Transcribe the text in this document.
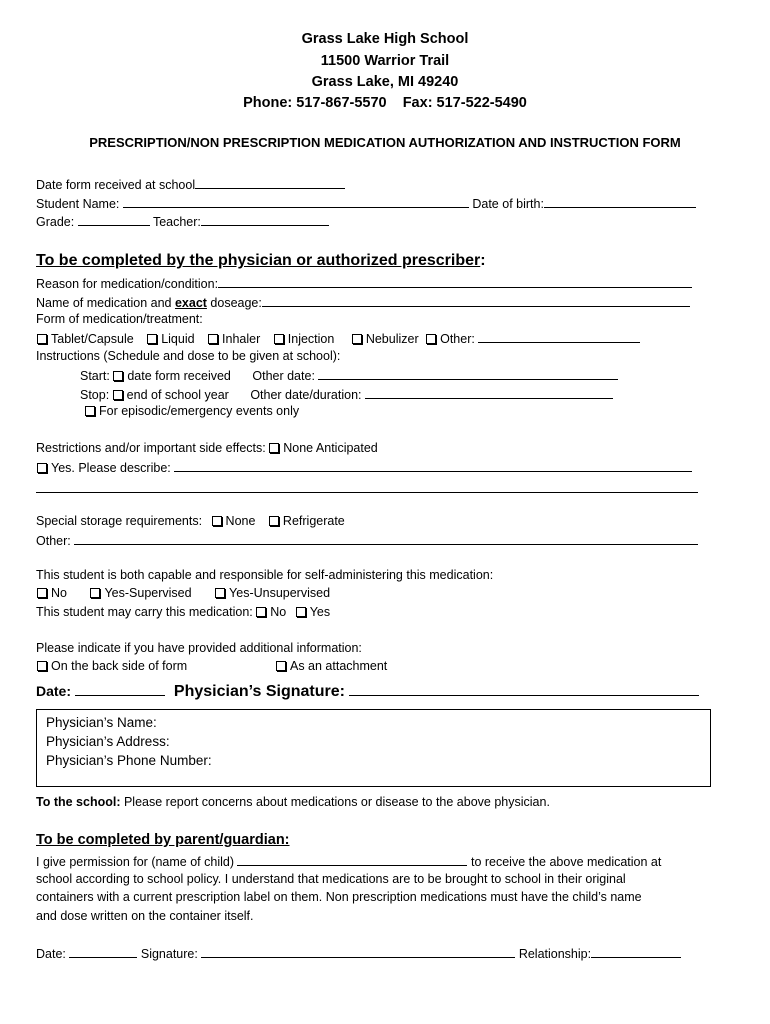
Grass Lake High School
11500 Warrior Trail
Grass Lake, MI 49240
Phone: 517-867-5570    Fax: 517-522-5490
PRESCRIPTION/NON PRESCRIPTION MEDICATION AUTHORIZATION AND INSTRUCTION FORM
Date form received at school
Student Name:	Date of birth:
Grade:	Teacher:
To be completed by the physician or authorized prescriber:
Reason for medication/condition:
Name of medication and exact doseage:
Form of medication/treatment:
Tablet/Capsule Liquid Inhaler Injection	Nebulizer Other:
Instructions (Schedule and dose to be given at school):
Start: date form received Other date:
Stop: end of school year Other date/duration:
For episodic/emergency events only
Restrictions and/or important side effects: None Anticipated
Yes. Please describe:
Special storage requirements: None Refrigerate
Other:
This student is both capable and responsible for self-administering this medication:
No	Yes-Supervised	Yes-Unsupervised
This student may carry this medication: No Yes
Please indicate if you have provided additional information:
On the back side of form	As an attachment
Date:	Physician’s Signature:
Physician’s Name:
Physician’s Address:
Physician’s Phone Number:
To the school: Please report concerns about medications or disease to the above physician.
To be completed by parent/guardian:
I give permission for (name of child)	to receive the above medication at
school according to school policy. I understand that medications are to be brought to school in their original
containers with a current prescription label on them. Non prescription medications must have the child’s name
and dose written on the container itself.
Date:	Signature:	Relationship:
